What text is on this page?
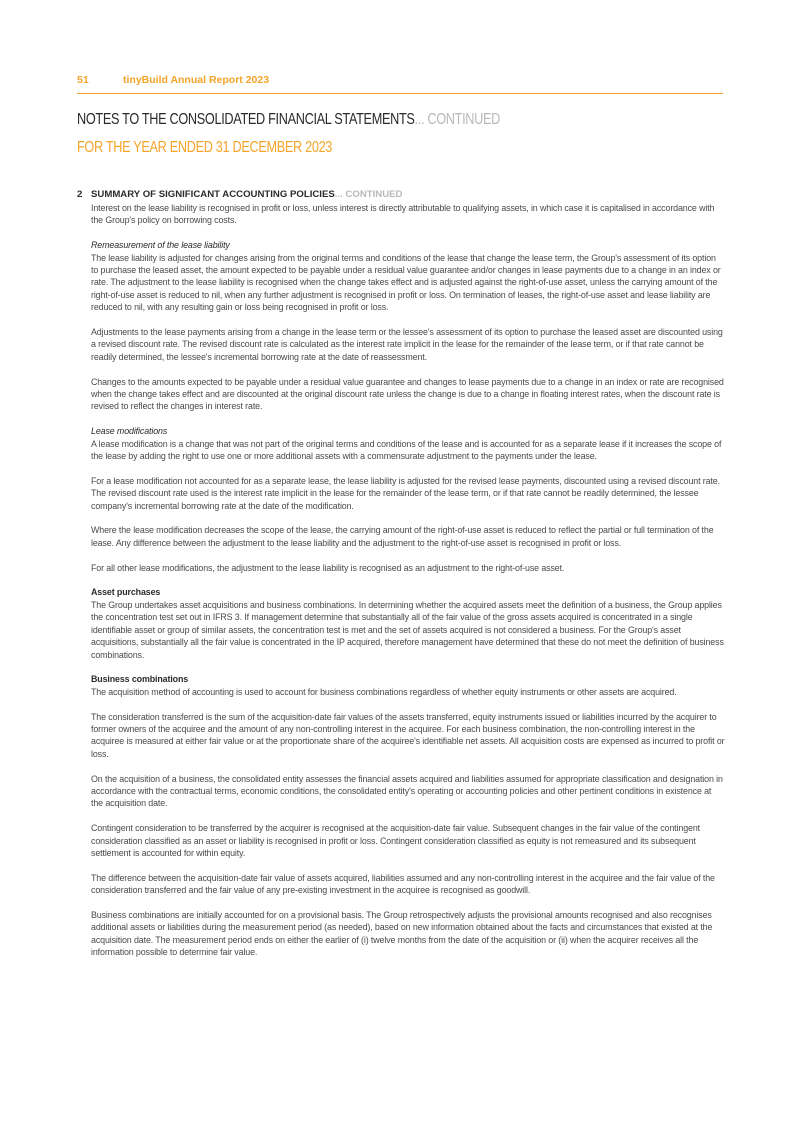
51	tinyBuild Annual Report 2023
NOTES TO THE CONSOLIDATED FINANCIAL STATEMENTS... CONTINUED
FOR THE YEAR ENDED 31 DECEMBER 2023
2 SUMMARY OF SIGNIFICANT ACCOUNTING POLICIES... CONTINUED

Interest on the lease liability is recognised in profit or loss, unless interest is directly attributable to qualifying assets, in which case it is capitalised in accordance with the Group's policy on borrowing costs.

Remeasurement of the lease liability

The lease liability is adjusted for changes arising from the original terms and conditions of the lease that change the lease term, the Group's assessment of its option to purchase the leased asset, the amount expected to be payable under a residual value guarantee and/or changes in lease payments due to a change in an index or rate. The adjustment to the lease liability is recognised when the change takes effect and is adjusted against the right-of-use asset, unless the carrying amount of the right-of-use asset is reduced to nil, when any further adjustment is recognised in profit or loss. On termination of leases, the right-of-use asset and lease liability are reduced to nil, with any resulting gain or loss being recognised in profit or loss.

Adjustments to the lease payments arising from a change in the lease term or the lessee's assessment of its option to purchase the leased asset are discounted using a revised discount rate. The revised discount rate is calculated as the interest rate implicit in the lease for the remainder of the lease term, or if that rate cannot be readily determined, the lessee's incremental borrowing rate at the date of reassessment.

Changes to the amounts expected to be payable under a residual value guarantee and changes to lease payments due to a change in an index or rate are recognised when the change takes effect and are discounted at the original discount rate unless the change is due to a change in floating interest rates, when the discount rate is revised to reflect the changes in interest rate.

Lease modifications

A lease modification is a change that was not part of the original terms and conditions of the lease and is accounted for as a separate lease if it increases the scope of the lease by adding the right to use one or more additional assets with a commensurate adjustment to the payments under the lease.

For a lease modification not accounted for as a separate lease, the lease liability is adjusted for the revised lease payments, discounted using a revised discount rate. The revised discount rate used is the interest rate implicit in the lease for the remainder of the lease term, or if that rate cannot be readily determined, the lessee company's incremental borrowing rate at the date of the modification.

Where the lease modification decreases the scope of the lease, the carrying amount of the right-of-use asset is reduced to reflect the partial or full termination of the lease. Any difference between the adjustment to the lease liability and the adjustment to the right-of-use asset is recognised in profit or loss.

For all other lease modifications, the adjustment to the lease liability is recognised as an adjustment to the right-of-use asset.

Asset purchases

The Group undertakes asset acquisitions and business combinations. In determining whether the acquired assets meet the definition of a business, the Group applies the concentration test set out in IFRS 3. If management determine that substantially all of the fair value of the gross assets acquired is concentrated in a single identifiable asset or group of similar assets, the concentration test is met and the set of assets acquired is not considered a business. For the Group's asset acquisitions, substantially all the fair value is concentrated in the IP acquired, therefore management have determined that these do not meet the definition of business combinations.

Business combinations

The acquisition method of accounting is used to account for business combinations regardless of whether equity instruments or other assets are acquired.

The consideration transferred is the sum of the acquisition-date fair values of the assets transferred, equity instruments issued or liabilities incurred by the acquirer to former owners of the acquiree and the amount of any non-controlling interest in the acquiree. For each business combination, the non-controlling interest in the acquiree is measured at either fair value or at the proportionate share of the acquiree's identifiable net assets. All acquisition costs are expensed as incurred to profit or loss.

On the acquisition of a business, the consolidated entity assesses the financial assets acquired and liabilities assumed for appropriate classification and designation in accordance with the contractual terms, economic conditions, the consolidated entity's operating or accounting policies and other pertinent conditions in existence at the acquisition date.

Contingent consideration to be transferred by the acquirer is recognised at the acquisition-date fair value. Subsequent changes in the fair value of the contingent consideration classified as an asset or liability is recognised in profit or loss. Contingent consideration classified as equity is not remeasured and its subsequent settlement is accounted for within equity.

The difference between the acquisition-date fair value of assets acquired, liabilities assumed and any non-controlling interest in the acquiree and the fair value of the consideration transferred and the fair value of any pre-existing investment in the acquiree is recognised as goodwill.

Business combinations are initially accounted for on a provisional basis. The Group retrospectively adjusts the provisional amounts recognised and also recognises additional assets or liabilities during the measurement period (as needed), based on new information obtained about the facts and circumstances that existed at the acquisition date. The measurement period ends on either the earlier of (i) twelve months from the date of the acquisition or (ii) when the acquirer receives all the information possible to determine fair value.
